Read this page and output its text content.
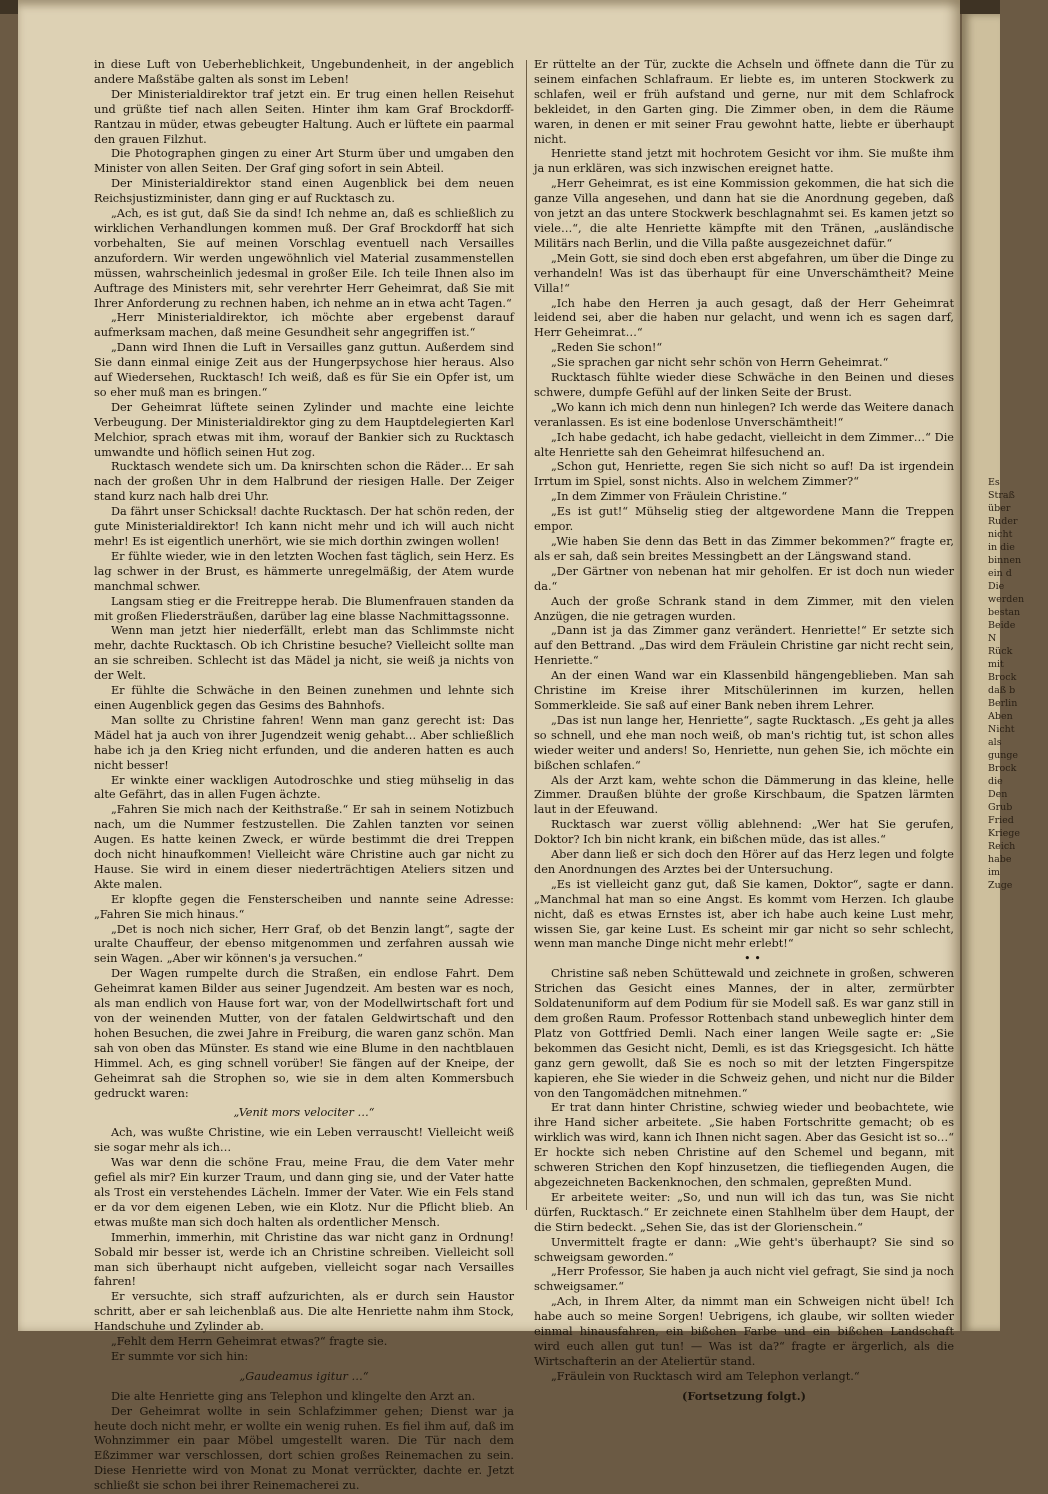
in diese Luft von Ueberheblichkeit, Ungebundenheit, in der angeblich andere Maßstäbe galten als sonst im Leben!

Der Ministerialdirektor traf jetzt ein. Er trug einen hellen Reisehut und grüßte tief nach allen Seiten. Hinter ihm kam Graf Brockdorff-Rantzau in müder, etwas gebeugter Haltung. Auch er lüftete ein paarmal den grauen Filzhut.

Die Photographen gingen zu einer Art Sturm über und umgaben den Minister von allen Seiten. Der Graf ging sofort in sein Abteil.

Der Ministerialdirektor stand einen Augenblick bei dem neuen Reichsjustizminister, dann ging er auf Rucktasch zu.

„Ach, es ist gut, daß Sie da sind! Ich nehme an, daß es schließlich zu wirklichen Verhandlungen kommen muß. Der Graf Brockdorff hat sich vorbehalten, Sie auf meinen Vorschlag eventuell nach Versailles anzufordern. Wir werden ungewöhnlich viel Material zusammenstellen müssen, wahrscheinlich jedesmal in großer Eile. Ich teile Ihnen also im Auftrage des Ministers mit, sehr verehrter Herr Geheimrat, daß Sie mit Ihrer Anforderung zu rechnen haben, ich nehme an in etwa acht Tagen.“

„Herr Ministerialdirektor, ich möchte aber ergebenst darauf aufmerksam machen, daß meine Gesundheit sehr angegriffen ist.“

„Dann wird Ihnen die Luft in Versailles ganz guttun. Außerdem sind Sie dann einmal einige Zeit aus der Hungerpsychose hier heraus. Also auf Wiedersehen, Rucktasch! Ich weiß, daß es für Sie ein Opfer ist, um so eher muß man es bringen.“

Der Geheimrat lüftete seinen Zylinder und machte eine leichte Verbeugung. Der Ministerialdirektor ging zu dem Hauptdelegierten Karl Melchior, sprach etwas mit ihm, worauf der Bankier sich zu Rucktasch umwandte und höflich seinen Hut zog.

Rucktasch wendete sich um. Da knirschten schon die Räder… Er sah nach der großen Uhr in dem Halbrund der riesigen Halle. Der Zeiger stand kurz nach halb drei Uhr.

Da fährt unser Schicksal! dachte Rucktasch. Der hat schön reden, der gute Ministerialdirektor! Ich kann nicht mehr und ich will auch nicht mehr! Es ist eigentlich unerhört, wie sie mich dorthin zwingen wollen!

Er fühlte wieder, wie in den letzten Wochen fast täglich, sein Herz. Es lag schwer in der Brust, es hämmerte unregelmäßig, der Atem wurde manchmal schwer.

Langsam stieg er die Freitreppe herab. Die Blumenfrauen standen da mit großen Fliedersträußen, darüber lag eine blasse Nachmittagssonne.

Wenn man jetzt hier niederfällt, erlebt man das Schlimmste nicht mehr, dachte Rucktasch. Ob ich Christine besuche? Vielleicht sollte man an sie schreiben. Schlecht ist das Mädel ja nicht, sie weiß ja nichts von der Welt.

Er fühlte die Schwäche in den Beinen zunehmen und lehnte sich einen Augenblick gegen das Gesims des Bahnhofs.

Man sollte zu Christine fahren! Wenn man ganz gerecht ist: Das Mädel hat ja auch von ihrer Jugendzeit wenig gehabt… Aber schließlich habe ich ja den Krieg nicht erfunden, und die anderen hatten es auch nicht besser!

Er winkte einer wackligen Autodroschke und stieg mühselig in das alte Gefährt, das in allen Fugen ächzte.

„Fahren Sie mich nach der Keithstraße.“ Er sah in seinem Notizbuch nach, um die Nummer festzustellen. Die Zahlen tanzten vor seinen Augen. Es hatte keinen Zweck, er würde bestimmt die drei Treppen doch nicht hinaufkommen! Vielleicht wäre Christine auch gar nicht zu Hause. Sie wird in einem dieser niederträchtigen Ateliers sitzen und Akte malen.

Er klopfte gegen die Fensterscheiben und nannte seine Adresse: „Fahren Sie mich hinaus.“

„Det is noch nich sicher, Herr Graf, ob det Benzin langt“, sagte der uralte Chauffeur, der ebenso mitgenommen und zerfahren aussah wie sein Wagen. „Aber wir können's ja versuchen.“

Der Wagen rumpelte durch die Straßen, ein endlose Fahrt. Dem Geheimrat kamen Bilder aus seiner Jugendzeit. Am besten war es noch, als man endlich von Hause fort war, von der Modellwirtschaft fort und von der weinenden Mutter, von der fatalen Geldwirtschaft und den hohen Besuchen, die zwei Jahre in Freiburg, die waren ganz schön. Man sah von oben das Münster. Es stand wie eine Blume in den nachtblauen Himmel. Ach, es ging schnell vorüber! Sie fängen auf der Kneipe, der Geheimrat sah die Strophen so, wie sie in dem alten Kommersbuch gedruckt waren:

„Venit mors velociter …“

Ach, was wußte Christine, wie ein Leben verrauscht! Vielleicht weiß sie sogar mehr als ich…

Was war denn die schöne Frau, meine Frau, die dem Vater mehr gefiel als mir? Ein kurzer Traum, und dann ging sie, und der Vater hatte als Trost ein verstehendes Lächeln. Immer der Vater. Wie ein Fels stand er da vor dem eigenen Leben, wie ein Klotz. Nur die Pflicht blieb. An etwas mußte man sich doch halten als ordentlicher Mensch.

Immerhin, immerhin, mit Christine das war nicht ganz in Ordnung! Sobald mir besser ist, werde ich an Christine schreiben. Vielleicht soll man sich überhaupt nicht aufgeben, vielleicht sogar nach Versailles fahren!

Er versuchte, sich straff aufzurichten, als er durch sein Haustor schritt, aber er sah leichenblaß aus. Die alte Henriette nahm ihm Stock, Handschuhe und Zylinder ab.

„Fehlt dem Herrn Geheimrat etwas?“ fragte sie.

Er summte vor sich hin:

„Gaudeamus igitur …“

Die alte Henriette ging ans Telephon und klingelte den Arzt an.

Der Geheimrat wollte in sein Schlafzimmer gehen; Dienst war ja heute doch nicht mehr, er wollte ein wenig ruhen. Es fiel ihm auf, daß im Wohnzimmer ein paar Möbel umgestellt waren. Die Tür nach dem Eßzimmer war verschlossen, dort schien großes Reinemachen zu sein. Diese Henriette wird von Monat zu Monat verrückter, dachte er. Jetzt schließt sie schon bei ihrer Reinemacherei zu.

Er rüttelte an der Tür, zuckte die Achseln und öffnete dann die Tür zu seinem einfachen Schlafraum. Er liebte es, im unteren Stockwerk zu schlafen, weil er früh aufstand und gerne, nur mit dem Schlafrock bekleidet, in den Garten ging. Die Zimmer oben, in dem die Räume waren, in denen er mit seiner Frau gewohnt hatte, liebte er überhaupt nicht.

Henriette stand jetzt mit hochrotem Gesicht vor ihm. Sie mußte ihm ja nun erklären, was sich inzwischen ereignet hatte.

„Herr Geheimrat, es ist eine Kommission gekommen, die hat sich die ganze Villa angesehen, und dann hat sie die Anordnung gegeben, daß von jetzt an das untere Stockwerk beschlagnahmt sei. Es kamen jetzt so viele…“, die alte Henriette kämpfte mit den Tränen, „ausländische Militärs nach Berlin, und die Villa paßte ausgezeichnet dafür.“

„Mein Gott, sie sind doch eben erst abgefahren, um über die Dinge zu verhandeln! Was ist das überhaupt für eine Unverschämtheit? Meine Villa!“

„Ich habe den Herren ja auch gesagt, daß der Herr Geheimrat leidend sei, aber die haben nur gelacht, und wenn ich es sagen darf, Herr Geheimrat…“

„Reden Sie schon!“

„Sie sprachen gar nicht sehr schön von Herrn Geheimrat.“

Rucktasch fühlte wieder diese Schwäche in den Beinen und dieses schwere, dumpfe Gefühl auf der linken Seite der Brust.

„Wo kann ich mich denn nun hinlegen? Ich werde das Weitere danach veranlassen. Es ist eine bodenlose Unverschämtheit!“

„Ich habe gedacht, ich habe gedacht, vielleicht in dem Zimmer…“ Die alte Henriette sah den Geheimrat hilfesuchend an.

„Schon gut, Henriette, regen Sie sich nicht so auf! Da ist irgendein Irrtum im Spiel, sonst nichts. Also in welchem Zimmer?“

„In dem Zimmer von Fräulein Christine.“

„Es ist gut!“ Mühselig stieg der altgewordene Mann die Treppen empor.

„Wie haben Sie denn das Bett in das Zimmer bekommen?“ fragte er, als er sah, daß sein breites Messingbett an der Längswand stand.

„Der Gärtner von nebenan hat mir geholfen. Er ist doch nun wieder da.“

Auch der große Schrank stand in dem Zimmer, mit den vielen Anzügen, die nie getragen wurden.

„Dann ist ja das Zimmer ganz verändert. Henriette!“ Er setzte sich auf den Bettrand. „Das wird dem Fräulein Christine gar nicht recht sein, Henriette.“

An der einen Wand war ein Klassenbild hängengeblieben. Man sah Christine im Kreise ihrer Mitschülerinnen im kurzen, hellen Sommerkleide. Sie saß auf einer Bank neben ihrem Lehrer.

„Das ist nun lange her, Henriette“, sagte Rucktasch. „Es geht ja alles so schnell, und ehe man noch weiß, ob man's richtig tut, ist schon alles wieder weiter und anders! So, Henriette, nun gehen Sie, ich möchte ein bißchen schlafen.“

Als der Arzt kam, wehte schon die Dämmerung in das kleine, helle Zimmer. Draußen blühte der große Kirschbaum, die Spatzen lärmten laut in der Efeuwand.

Rucktasch war zuerst völlig ablehnend: „Wer hat Sie gerufen, Doktor? Ich bin nicht krank, ein bißchen müde, das ist alles.“

Aber dann ließ er sich doch den Hörer auf das Herz legen und folgte den Anordnungen des Arztes bei der Untersuchung.

„Es ist vielleicht ganz gut, daß Sie kamen, Doktor“, sagte er dann. „Manchmal hat man so eine Angst. Es kommt vom Herzen. Ich glaube nicht, daß es etwas Ernstes ist, aber ich habe auch keine Lust mehr, wissen Sie, gar keine Lust. Es scheint mir gar nicht so sehr schlecht, wenn man manche Dinge nicht mehr erlebt!“

• •

Christine saß neben Schüttewald und zeichnete in großen, schweren Strichen das Gesicht eines Mannes, der in alter, zermürbter Soldatenuniform auf dem Podium für sie Modell saß. Es war ganz still in dem großen Raum. Professor Rottenbach stand unbeweglich hinter dem Platz von Gottfried Demli. Nach einer langen Weile sagte er: „Sie bekommen das Gesicht nicht, Demli, es ist das Kriegsgesicht. Ich hätte ganz gern gewollt, daß Sie es noch so mit der letzten Fingerspitze kapieren, ehe Sie wieder in die Schweiz gehen, und nicht nur die Bilder von den Tangomädchen mitnehmen.“

Er trat dann hinter Christine, schwieg wieder und beobachtete, wie ihre Hand sicher arbeitete. „Sie haben Fortschritte gemacht; ob es wirklich was wird, kann ich Ihnen nicht sagen. Aber das Gesicht ist so…“ Er hockte sich neben Christine auf den Schemel und begann, mit schweren Strichen den Kopf hinzusetzen, die tiefliegenden Augen, die abgezeichneten Backenknochen, den schmalen, gepreßten Mund.

Er arbeitete weiter: „So, und nun will ich das tun, was Sie nicht dürfen, Rucktasch.“ Er zeichnete einen Stahlhelm über dem Haupt, der die Stirn bedeckt. „Sehen Sie, das ist der Glorienschein.“

Unvermittelt fragte er dann: „Wie geht's überhaupt? Sie sind so schweigsam geworden.“

„Herr Professor, Sie haben ja auch nicht viel gefragt, Sie sind ja noch schweigsamer.“

„Ach, in Ihrem Alter, da nimmt man ein Schweigen nicht übel! Ich habe auch so meine Sorgen! Uebrigens, ich glaube, wir sollten wieder einmal hinausfahren, ein bißchen Farbe und ein bißchen Landschaft wird euch allen gut tun! — Was ist da?“ fragte er ärgerlich, als die Wirtschafterin an der Ateliertür stand.

„Fräulein von Rucktasch wird am Telephon verlangt.“

(Fortsetzung folgt.)

Es
Straß
über
Ruder
nicht
in die
binnen
ein d
Die
werden
bestan
Beide
N
Rück
mit
Brock
daß b
Berlin
Aben
Nicht
als
gunge
Brock
die
Den
Grub
Fried
Kriege
Reich
habe
im
Zuge
